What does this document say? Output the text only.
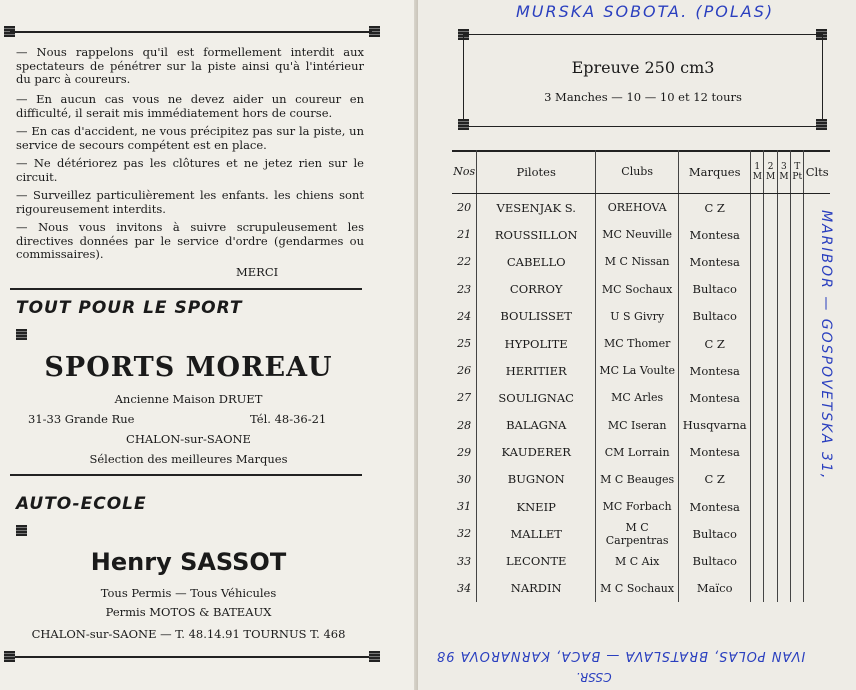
— Nous rappelons qu'il est formellement interdit aux spectateurs de pénétrer sur la piste ainsi qu'à l'intérieur du parc à coureurs.
— En aucun cas vous ne devez aider un coureur en difficulté, il serait mis immédiatement hors de course.
— En cas d'accident, ne vous précipitez pas sur la piste, un service de secours compétent est en place.
— Ne détériorez pas les clôtures et ne jetez rien sur le circuit.
— Surveillez particulièrement les enfants. les chiens sont rigoureusement interdits.
— Nous vous invitons à suivre scrupuleusement les directives données par le service d'ordre (gendarmes ou commissaires).
MERCI
TOUT POUR LE SPORT
SPORTS MOREAU
Ancienne Maison DRUET
31-33 Grande Rue	Tél. 48-36-21
CHALON-sur-SAONE
Sélection des meilleures Marques
AUTO-ECOLE
Henry SASSOT
Tous Permis — Tous Véhicules
Permis MOTOS & BATEAUX
CHALON-sur-SAONE — T. 48.14.91 TOURNUS T. 468
MURSKA SOBOTA. (POLAS)
Epreuve 250 cm3
3 Manches — 10 — 10 et 12 tours
MARIBOR — GOSPOVETSKA 31,
IVAN POLAS, BRATSLAVA — BACA, KARNAROVA 98
CSSR.
Nos	Pilotes	Clubs	Marques	1 M	2 M	3 M	T Pt	Clts
20	VESENJAK S.	OREHOVA	C Z					
21	ROUSSILLON	MC Neuville	Montesa					
22	CABELLO	M C Nissan	Montesa					
23	CORROY	MC Sochaux	Bultaco					
24	BOULISSET	U S Givry	Bultaco					
25	HYPOLITE	MC Thomer	C Z					
26	HERITIER	MC La Voulte	Montesa					
27	SOULIGNAC	MC Arles	Montesa					
28	BALAGNA	MC Iseran	Husqvarna					
29	KAUDERER	CM Lorrain	Montesa					
30	BUGNON	M C Beauges	C Z					
31	KNEIP	MC Forbach	Montesa					
32	MALLET	M C Carpentras	Bultaco					
33	LECONTE	M C Aix	Bultaco					
34	NARDIN	M C Sochaux	Maïco					
